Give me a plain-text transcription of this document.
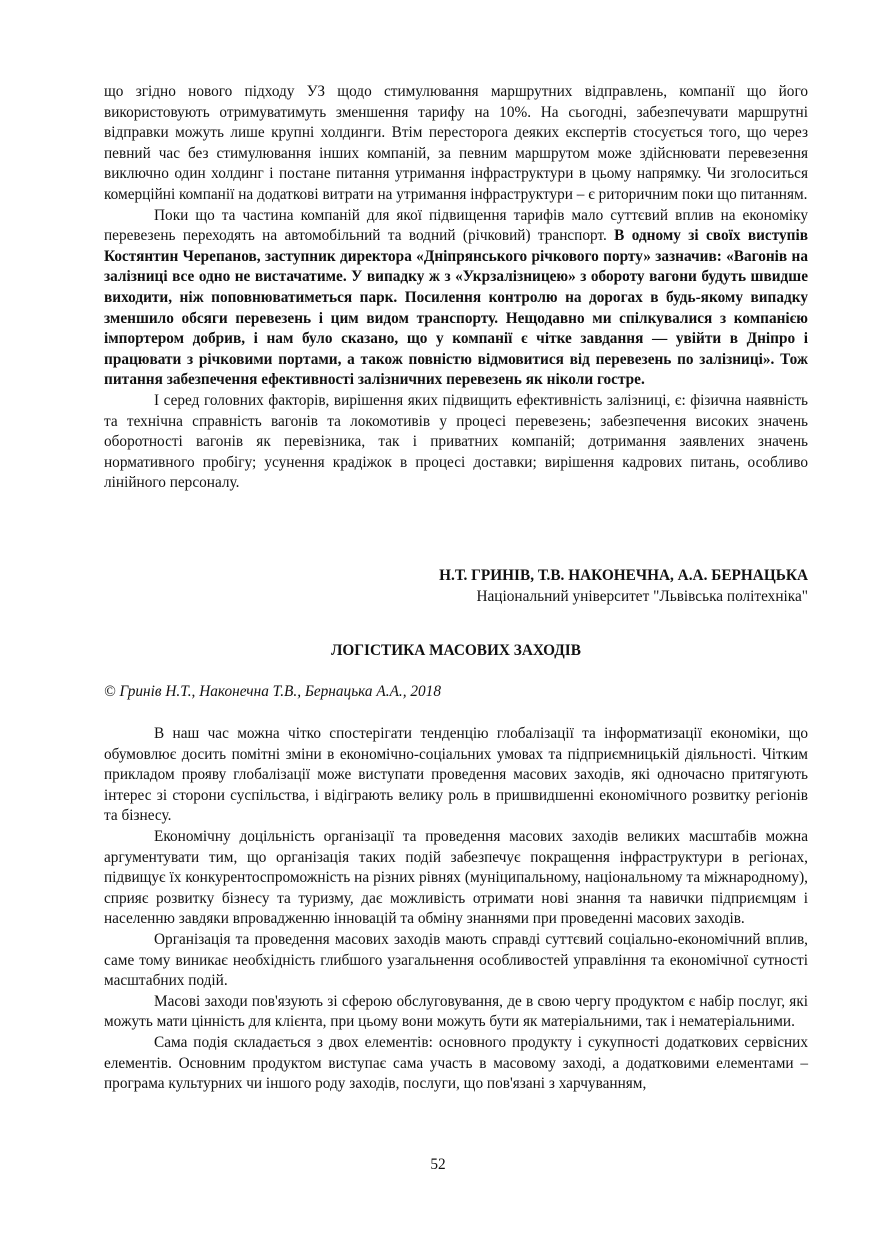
що згідно нового підходу УЗ щодо стимулювання маршрутних відправлень, компанії що його використовують отримуватимуть зменшення тарифу на 10%. На сьогодні, забезпечувати маршрутні відправки можуть лише крупні холдинги. Втім пересторога деяких експертів стосується того, що через певний час без стимулювання інших компаній, за певним маршрутом може здійснювати перевезення виключно один холдинг і постане питання утримання інфраструктури в цьому напрямку. Чи зголоситься комерційні компанії на додаткові витрати на утримання інфраструктури – є риторичним поки що питанням.

Поки що та частина компаній для якої підвищення тарифів мало суттєвий вплив на економіку перевезень переходять на автомобільний та водний (річковий) транспорт. В одному зі своїх виступів Костянтин Черепанов, заступник директора «Дніпрянського річкового порту» зазначив: «Вагонів на залізниці все одно не вистачатиме. У випадку ж з «Укрзалізницею» з обороту вагони будуть швидше виходити, ніж поповнюватиметься парк. Посилення контролю на дорогах в будь-якому випадку зменшило обсяги перевезень і цим видом транспорту. Нещодавно ми спілкувалися з компанією імпортером добрив, і нам було сказано, що у компанії є чітке завдання — увійти в Дніпро і працювати з річковими портами, а також повністю відмовитися від перевезень по залізниці». Тож питання забезпечення ефективності залізничних перевезень як ніколи гостре.

І серед головних факторів, вирішення яких підвищить ефективність залізниці, є: фізична наявність та технічна справність вагонів та локомотивів у процесі перевезень; забезпечення високих значень оборотності вагонів як перевізника, так і приватних компаній; дотримання заявлених значень нормативного пробігу; усунення крадіжок в процесі доставки; вирішення кадрових питань, особливо лінійного персоналу.

Н.Т. ГРИНІВ, Т.В. НАКОНЕЧНА, А.А. БЕРНАЦЬКА
Національний університет "Львівська політехніка"
ЛОГІСТИКА МАСОВИХ ЗАХОДІВ
© Гринів Н.Т., Наконечна Т.В., Бернацька А.А., 2018

В наш час можна чітко спостерігати тенденцію глобалізації та інформатизації економіки, що обумовлює досить помітні зміни в економічно-соціальних умовах та підприємницькій діяльності. Чітким прикладом прояву глобалізації може виступати проведення масових заходів, які одночасно притягують інтерес зі сторони суспільства, і відіграють велику роль в пришвидшенні економічного розвитку регіонів та бізнесу.

Економічну доцільність організації та проведення масових заходів великих масштабів можна аргументувати тим, що організація таких подій забезпечує покращення інфраструктури в регіонах, підвищує їх конкурентоспроможність на різних рівнях (муніципальному, національному та міжнародному), сприяє розвитку бізнесу та туризму, дає можливість отримати нові знання та навички підприємцям і населенню завдяки впровадженню інновацій та обміну знаннями при проведенні масових заходів.

Організація та проведення масових заходів мають справді суттєвий соціально-економічний вплив, саме тому виникає необхідність глибшого узагальнення особливостей управління та економічної сутності масштабних подій.

Масові заходи пов'язують зі сферою обслуговування, де в свою чергу продуктом є набір послуг, які можуть мати цінність для клієнта, при цьому вони можуть бути як матеріальними, так і нематеріальними.

Сама подія складається з двох елементів: основного продукту і сукупності додаткових сервісних елементів. Основним продуктом виступає сама участь в масовому заході, а додатковими елементами – програма культурних чи іншого роду заходів, послуги, що пов'язані з харчуванням,

52
